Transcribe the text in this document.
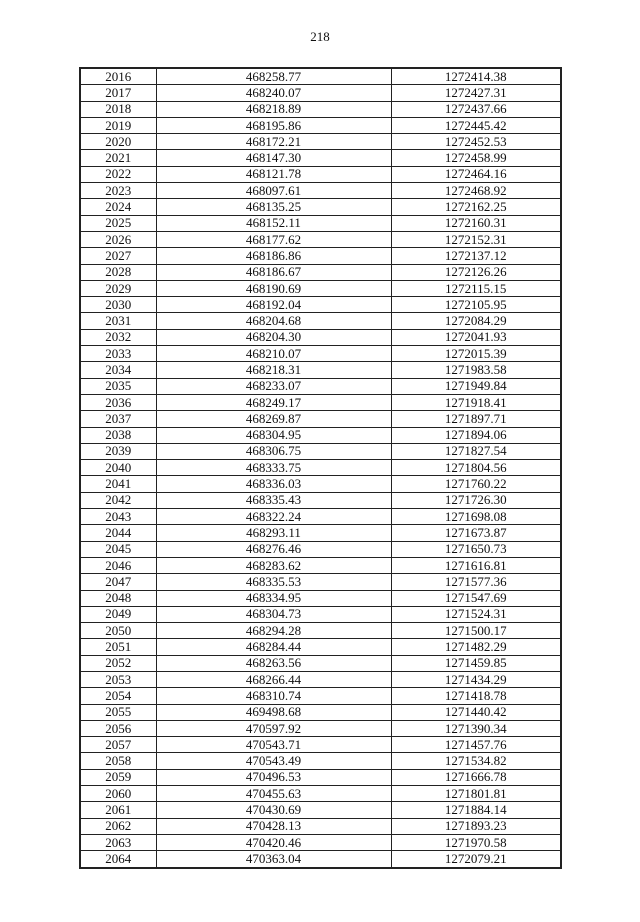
218
2016	468258.77	1272414.38
2017	468240.07	1272427.31
2018	468218.89	1272437.66
2019	468195.86	1272445.42
2020	468172.21	1272452.53
2021	468147.30	1272458.99
2022	468121.78	1272464.16
2023	468097.61	1272468.92
2024	468135.25	1272162.25
2025	468152.11	1272160.31
2026	468177.62	1272152.31
2027	468186.86	1272137.12
2028	468186.67	1272126.26
2029	468190.69	1272115.15
2030	468192.04	1272105.95
2031	468204.68	1272084.29
2032	468204.30	1272041.93
2033	468210.07	1272015.39
2034	468218.31	1271983.58
2035	468233.07	1271949.84
2036	468249.17	1271918.41
2037	468269.87	1271897.71
2038	468304.95	1271894.06
2039	468306.75	1271827.54
2040	468333.75	1271804.56
2041	468336.03	1271760.22
2042	468335.43	1271726.30
2043	468322.24	1271698.08
2044	468293.11	1271673.87
2045	468276.46	1271650.73
2046	468283.62	1271616.81
2047	468335.53	1271577.36
2048	468334.95	1271547.69
2049	468304.73	1271524.31
2050	468294.28	1271500.17
2051	468284.44	1271482.29
2052	468263.56	1271459.85
2053	468266.44	1271434.29
2054	468310.74	1271418.78
2055	469498.68	1271440.42
2056	470597.92	1271390.34
2057	470543.71	1271457.76
2058	470543.49	1271534.82
2059	470496.53	1271666.78
2060	470455.63	1271801.81
2061	470430.69	1271884.14
2062	470428.13	1271893.23
2063	470420.46	1271970.58
2064	470363.04	1272079.21
